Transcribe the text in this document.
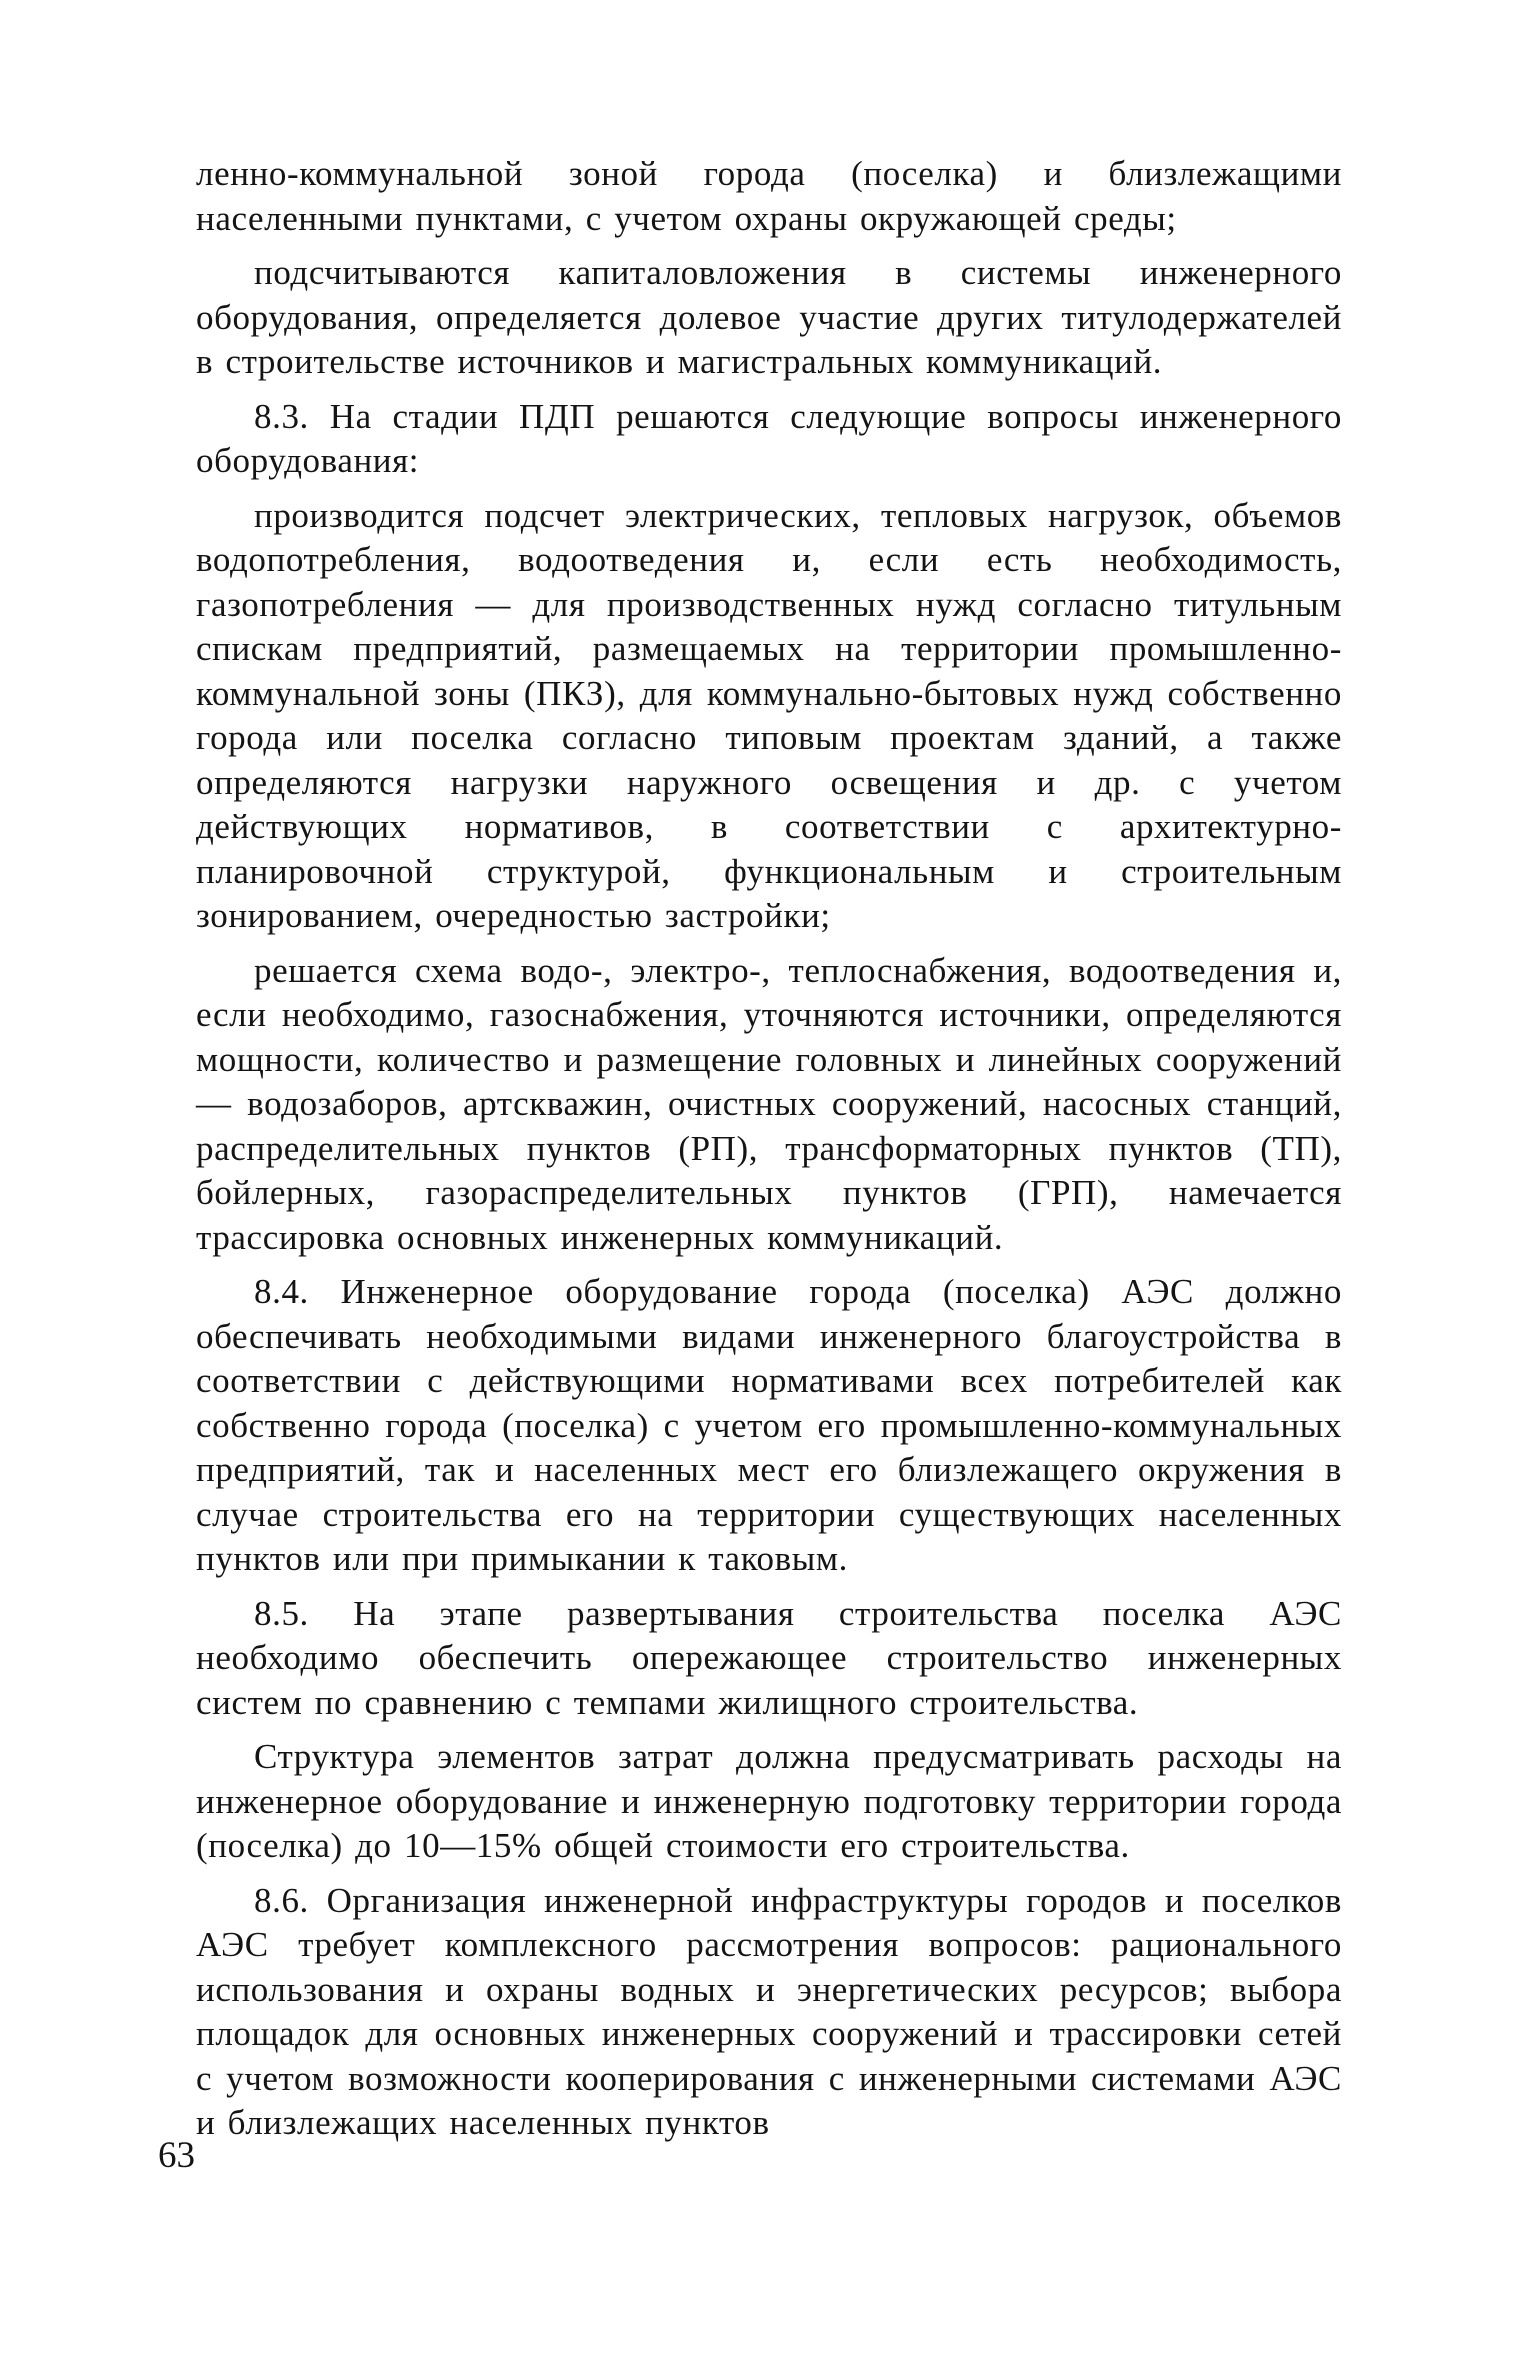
ленно-коммунальной зоной города (поселка) и близлежащими населенными пунктами, с учетом охраны окружающей среды;

подсчитываются капиталовложения в системы инженерного оборудования, определяется долевое участие других титулодержателей в строительстве источников и магистральных коммуникаций.

8.3. На стадии ПДП решаются следующие вопросы инженерного оборудования:

производится подсчет электрических, тепловых нагрузок, объемов водопотребления, водоотведения и, если есть необходимость, газопотребления — для производственных нужд согласно титульным спискам предприятий, размещаемых на территории промышленно-коммунальной зоны (ПКЗ), для коммунально-бытовых нужд собственно города или поселка согласно типовым проектам зданий, а также определяются нагрузки наружного освещения и др. с учетом действующих нормативов, в соответствии с архитектурно-планировочной структурой, функциональным и строительным зонированием, очередностью застройки;

решается схема водо-, электро-, теплоснабжения, водоотведения и, если необходимо, газоснабжения, уточняются источники, определяются мощности, количество и размещение головных и линейных сооружений — водозаборов, артскважин, очистных сооружений, насосных станций, распределительных пунктов (РП), трансформаторных пунктов (ТП), бойлерных, газораспределительных пунктов (ГРП), намечается трассировка основных инженерных коммуникаций.

8.4. Инженерное оборудование города (поселка) АЭС должно обеспечивать необходимыми видами инженерного благоустройства в соответствии с действующими нормативами всех потребителей как собственно города (поселка) с учетом его промышленно-коммунальных предприятий, так и населенных мест его близлежащего окружения в случае строительства его на территории существующих населенных пунктов или при примыкании к таковым.

8.5. На этапе развертывания строительства поселка АЭС необходимо обеспечить опережающее строительство инженерных систем по сравнению с темпами жилищного строительства.

Структура элементов затрат должна предусматривать расходы на инженерное оборудование и инженерную подготовку территории города (поселка) до 10—15% общей стоимости его строительства.

8.6. Организация инженерной инфраструктуры городов и поселков АЭС требует комплексного рассмотрения вопросов: рационального использования и охраны водных и энергетических ресурсов; выбора площадок для основных инженерных сооружений и трассировки сетей с учетом возможности кооперирования с инженерными системами АЭС и близлежащих населенных пунктов

63
